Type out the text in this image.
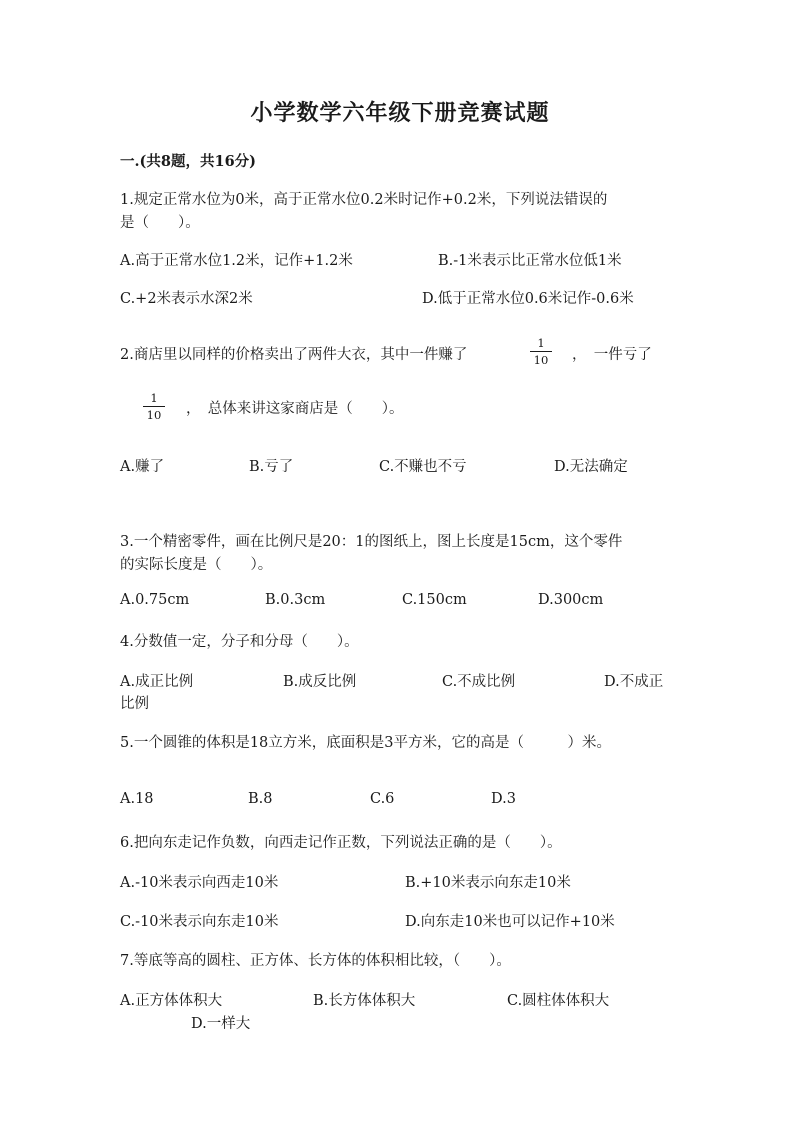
小学数学六年级下册竞赛试题
一.(共8题，共16分)
1.规定正常水位为0米，高于正常水位0.2米时记作+0.2米，下列说法错误的
是（　　）。
A.高于正常水位1.2米，记作+1.2米	B.-1米表示比正常水位低1米
C.+2米表示水深2米	D.低于正常水位0.6米记作-0.6米
2.商店里以同样的价格卖出了两件大衣，其中一件赚了
1
10 ，　一件亏了
1
10 ，　总体来讲这家商店是（　　）。
A.赚了	B.亏了	C.不赚也不亏	D.无法确定
3.一个精密零件，画在比例尺是20：1的图纸上，图上长度是15cm，这个零件
的实际长度是（　　）。
A.0.75cm	B.0.3cm	C.150cm	D.300cm
4.分数值一定，分子和分母（　　）。
A.成正比例	B.成反比例	C.不成比例	D.不成正
比例
5.一个圆锥的体积是18立方米，底面积是3平方米，它的高是（　　　）米。
A.18	B.8	C.6	D.3
6.把向东走记作负数，向西走记作正数，下列说法正确的是（　　）。
A.-10米表示向西走10米	B.+10米表示向东走10米
C.-10米表示向东走10米	D.向东走10米也可以记作+10米
7.等底等高的圆柱、正方体、长方体的体积相比较，（　　）。
A.正方体体积大	B.长方体体积大	C.圆柱体体积大
D.一样大
